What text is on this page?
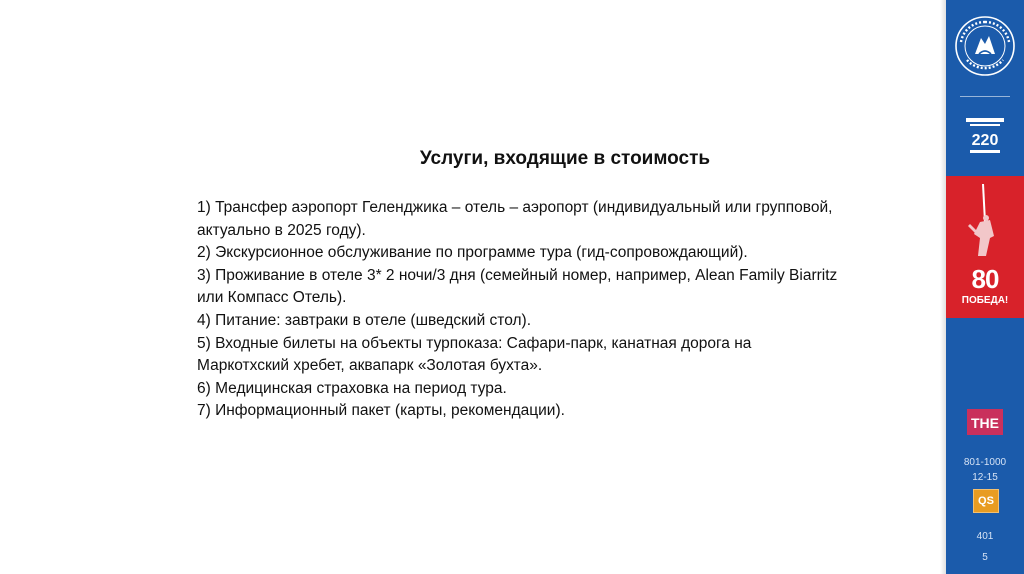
Услуги, входящие в стоимость
1) Трансфер аэропорт Геленджика – отель – аэропорт (индивидуальный или групповой, актуально в 2025 году).
2) Экскурсионное обслуживание по программе тура (гид-сопровождающий).
3) Проживание в отеле 3* 2 ночи/3 дня (семейный номер, например, Alean Family Biarritz или Компасс Отель).
4) Питание: завтраки в отеле (шведский стол).
5) Входные билеты на объекты турпоказа: Сафари-парк, канатная дорога на Маркотхский хребет, аквапарк «Золотая бухта».
6) Медицинская страховка на период тура.
7) Информационный пакет (карты, рекомендации).
220
80
ПОБЕДА!
THE
801-1000
12-15
QS
401
5
